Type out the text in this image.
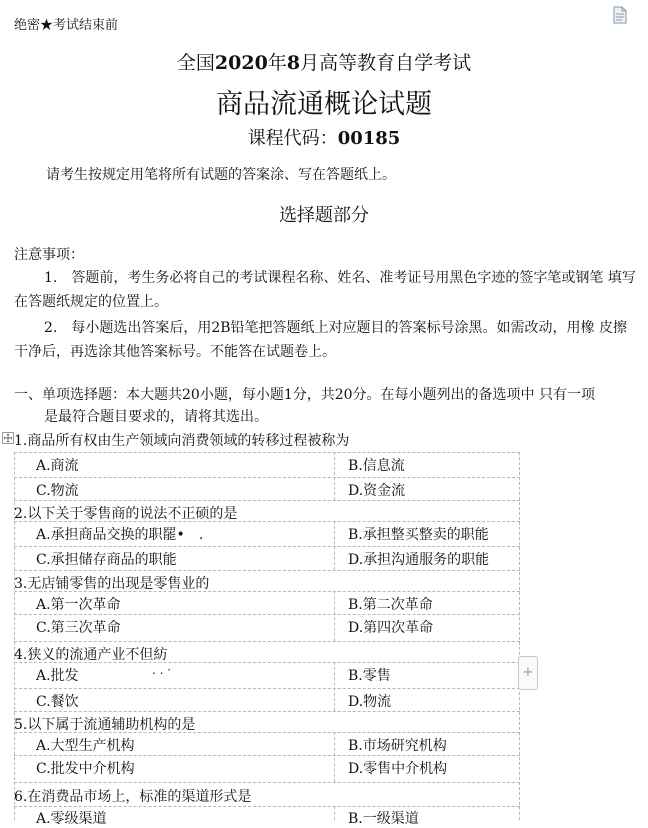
绝密★考试结束前
全国2020年8月高等教育自学考试
商品流通概论试题
课程代码：00185
请考生按规定用笔将所有试题的答案涂、写在答题纸上。
选择题部分
注意事项：
1.　答题前，考生务必将自己的考试课程名称、姓名、准考证号用黑色字迹的签字笔或钢笔 填写在答题纸规定的位置上。
2.　每小题选出答案后，用2B铅笔把答题纸上对应题目的答案标号涂黑。如需改动，用橡 皮擦干净后，再选涂其他答案标号。不能答在试题卷上。
一、单项选择题：本大题共20小题，每小题1分，共20分。在每小题列出的备选项中 只有一项
是最符合题目要求的，请将其选出。
1.商品所有权由生产领域向消费领域的转移过程被称为
A.商流	B.信息流
C.物流	D.资金流
2.以下关于零售商的说法不正硕的是
A.承担商品交换的职罷•　.	B.承担整买整卖的职能
C.承担储存商品的职能	D.承担沟通服务的职能
3.无店铺零售的出现是零售业的
A.第一次革命	B.第二次革命
C.第三次革命	D.第四次革命
4.狭义的流通产业不但紡
A.批发	. . ·	B.零售
C.餐饮	D.物流
5.以下属于流通辅助机构的是
A.大型生产机构	B.市场研究机构
C.批发中介机构	D.零售中介机构
6.在消费品市场上，标准的渠道形式是
A.零级渠道	B.一级渠道
+
